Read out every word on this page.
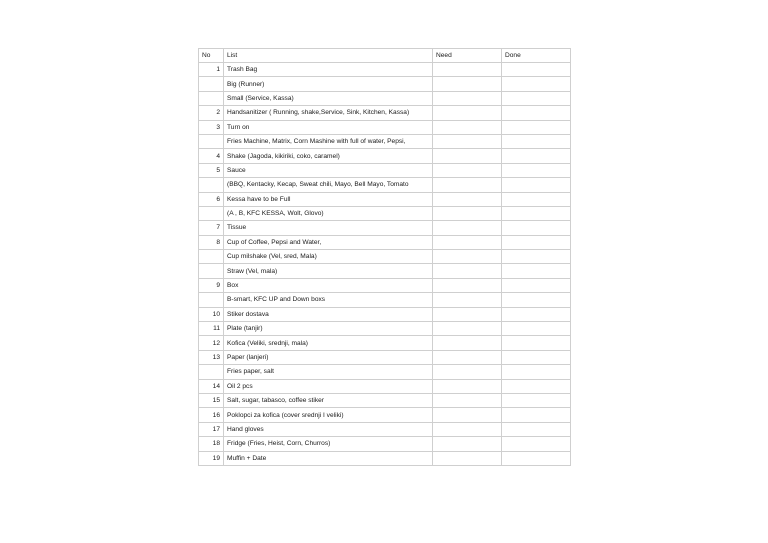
No	List	Need	Done
1	Trash Bag		
	Big (Runner)		
	Small (Service, Kassa)		
2	Handsanitizer ( Running, shake,Service, Sink, Kitchen, Kassa)		
3	Turn on		
	Fries Machine, Matrix, Corn Mashine with full of water, Pepsi,		
4	Shake (Jagoda, kikiriki, coko, caramel)		
5	Sauce		
	(BBQ, Kentacky, Kecap, Sweat chili, Mayo, Bell Mayo, Tomato		
6	Kessa have to be Full		
	(A , B, KFC KESSA, Wolt, Glovo)		
7	Tissue		
8	Cup of Coffee, Pepsi and Water,		
	Cup milshake (Vel, sred, Mala)		
	Straw (Vel, mala)		
9	Box		
	B-smart, KFC UP and Down boxs		
10	Stiker dostava		
11	Plate (tanjir)		
12	Kofica (Veliki, srednji, mala)		
13	Paper (lanjeri)		
	Fries paper, salt		
14	Oil 2 pcs		
15	Salt, sugar, tabasco, coffee stiker		
16	Poklopci za kofica (cover srednji I veliki)		
17	Hand gloves		
18	Fridge (Fries, Heist, Corn, Churros)		
19	Muffin + Date		
